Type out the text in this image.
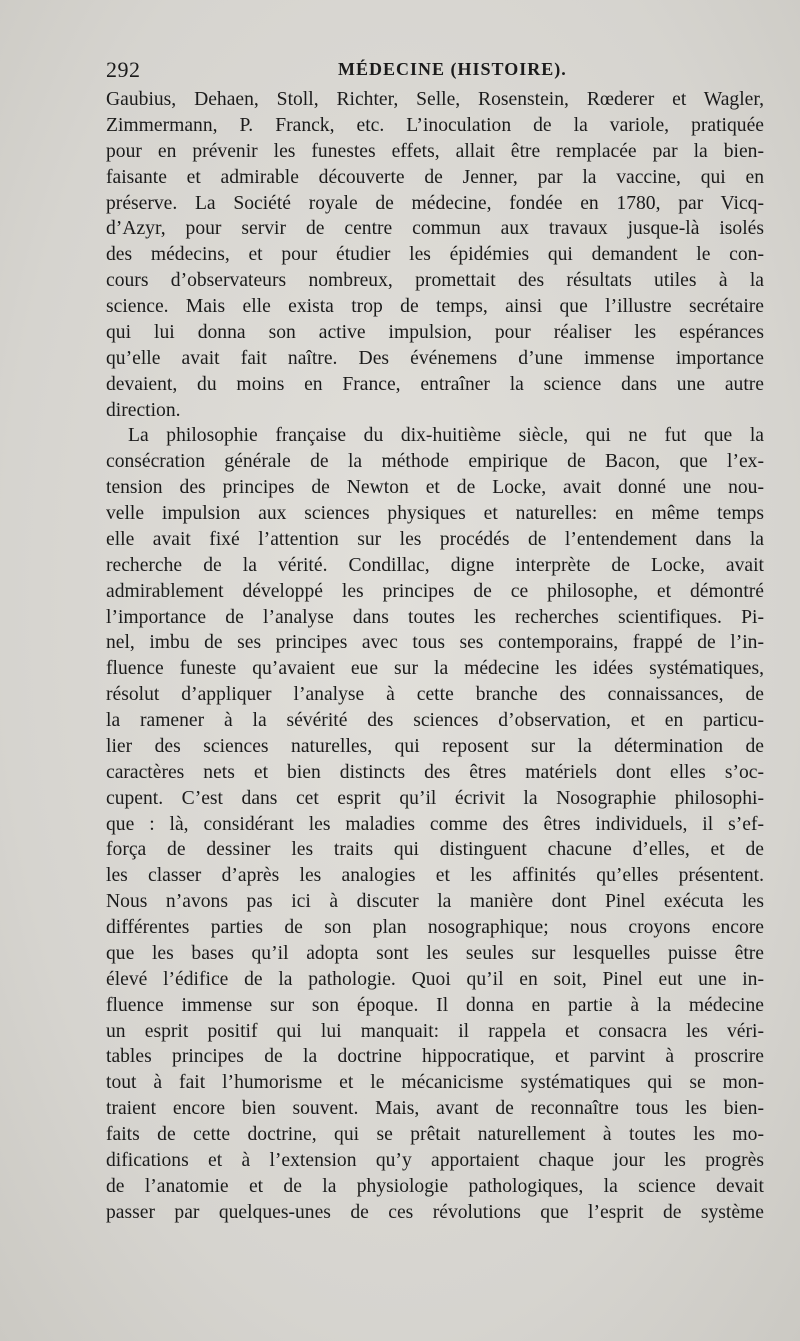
292	MÉDECINE (HISTOIRE).
Gaubius, Dehaen, Stoll, Richter, Selle, Rosenstein, Rœderer et Wagler,
Zimmermann, P. Franck, etc. L’inoculation de la variole, pratiquée
pour en prévenir les funestes effets, allait être remplacée par la bien-
faisante et admirable découverte de Jenner, par la vaccine, qui en
préserve. La Société royale de médecine, fondée en 1780, par Vicq-
d’Azyr, pour servir de centre commun aux travaux jusque-là isolés
des médecins, et pour étudier les épidémies qui demandent le con-
cours d’observateurs nombreux, promettait des résultats utiles à la
science. Mais elle exista trop de temps, ainsi que l’illustre secrétaire
qui lui donna son active impulsion, pour réaliser les espérances
qu’elle avait fait naître. Des événemens d’une immense importance
devaient, du moins en France, entraîner la science dans une autre
direction.
La philosophie française du dix-huitième siècle, qui ne fut que la
consécration générale de la méthode empirique de Bacon, que l’ex-
tension des principes de Newton et de Locke, avait donné une nou-
velle impulsion aux sciences physiques et naturelles: en même temps
elle avait fixé l’attention sur les procédés de l’entendement dans la
recherche de la vérité. Condillac, digne interprète de Locke, avait
admirablement développé les principes de ce philosophe, et démontré
l’importance de l’analyse dans toutes les recherches scientifiques. Pi-
nel, imbu de ses principes avec tous ses contemporains, frappé de l’in-
fluence funeste qu’avaient eue sur la médecine les idées systématiques,
résolut d’appliquer l’analyse à cette branche des connaissances, de
la ramener à la sévérité des sciences d’observation, et en particu-
lier des sciences naturelles, qui reposent sur la détermination de
caractères nets et bien distincts des êtres matériels dont elles s’oc-
cupent. C’est dans cet esprit qu’il écrivit la Nosographie philosophi-
que : là, considérant les maladies comme des êtres individuels, il s’ef-
força de dessiner les traits qui distinguent chacune d’elles, et de
les classer d’après les analogies et les affinités qu’elles présentent.
Nous n’avons pas ici à discuter la manière dont Pinel exécuta les
différentes parties de son plan nosographique; nous croyons encore
que les bases qu’il adopta sont les seules sur lesquelles puisse être
élevé l’édifice de la pathologie. Quoi qu’il en soit, Pinel eut une in-
fluence immense sur son époque. Il donna en partie à la médecine
un esprit positif qui lui manquait: il rappela et consacra les véri-
tables principes de la doctrine hippocratique, et parvint à proscrire
tout à fait l’humorisme et le mécanicisme systématiques qui se mon-
traient encore bien souvent. Mais, avant de reconnaître tous les bien-
faits de cette doctrine, qui se prêtait naturellement à toutes les mo-
difications et à l’extension qu’y apportaient chaque jour les progrès
de l’anatomie et de la physiologie pathologiques, la science devait
passer par quelques-unes de ces révolutions que l’esprit de système
